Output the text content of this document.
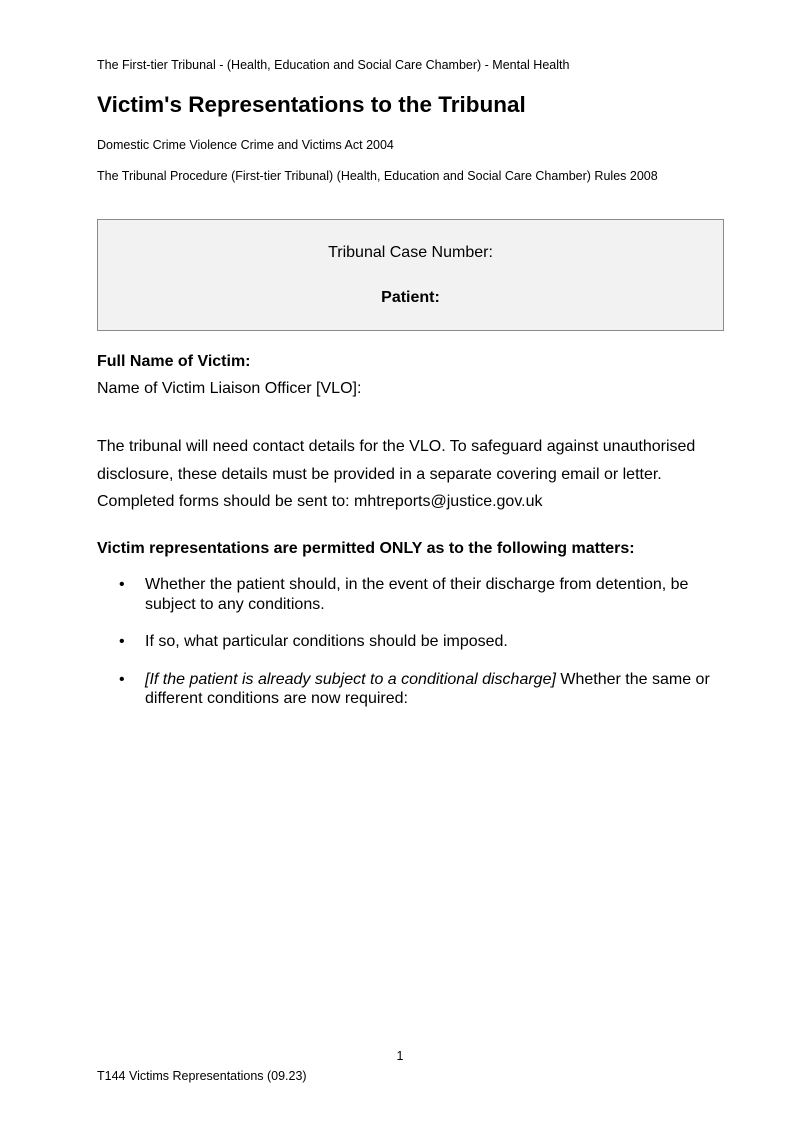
The First-tier Tribunal - (Health, Education and Social Care Chamber) - Mental Health
Victim's Representations to the Tribunal
Domestic Crime Violence Crime and Victims Act 2004
The Tribunal Procedure (First-tier Tribunal) (Health, Education and Social Care Chamber) Rules 2008
Tribunal Case Number:
Patient:
Full Name of Victim:
Name of Victim Liaison Officer [VLO]:
The tribunal will need contact details for the VLO. To safeguard against unauthorised
disclosure, these details must be provided in a separate covering email or letter.
Completed forms should be sent to: mhtreports@justice.gov.uk
Victim representations are permitted ONLY as to the following matters:
• Whether the patient should, in the event of their discharge from detention, be subject to any conditions.
• If so, what particular conditions should be imposed.
• [If the patient is already subject to a conditional discharge] Whether the same or different conditions are now required:
1
T144 Victims Representations (09.23)
